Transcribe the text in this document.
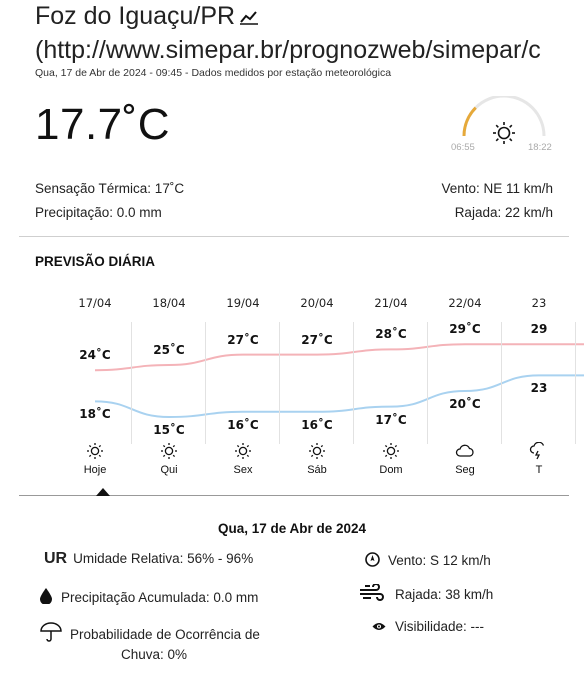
Foz do Iguaçu/PR
(http://www.simepar.br/prognozweb/simepar/c
Qua, 17 de Abr de 2024 - 09:45 - Dados medidos por estação meteorológica
17.7˚C	06:55	18:22
Sensação Térmica: 17˚C
Precipitação: 0.0 mm
Vento: NE 11 km/h
Rajada: 22 km/h
PREVISÃO DIÁRIA
17/04
24˚C
18˚C
Hoje
18/04
25˚C
15˚C
Qui
19/04
27˚C
16˚C
Sex
20/04
27˚C
16˚C
Sáb
21/04
28˚C
17˚C
Dom
22/04
29˚C
20˚C
Seg
23
29
23
T
Qua, 17 de Abr de 2024
UR Umidade Relativa: 56% - 96%
Precipitação Acumulada: 0.0 mm
Probabilidade de Ocorrência de
Chuva: 0%
Vento: S 12 km/h
Rajada: 38 km/h
Visibilidade: ---
